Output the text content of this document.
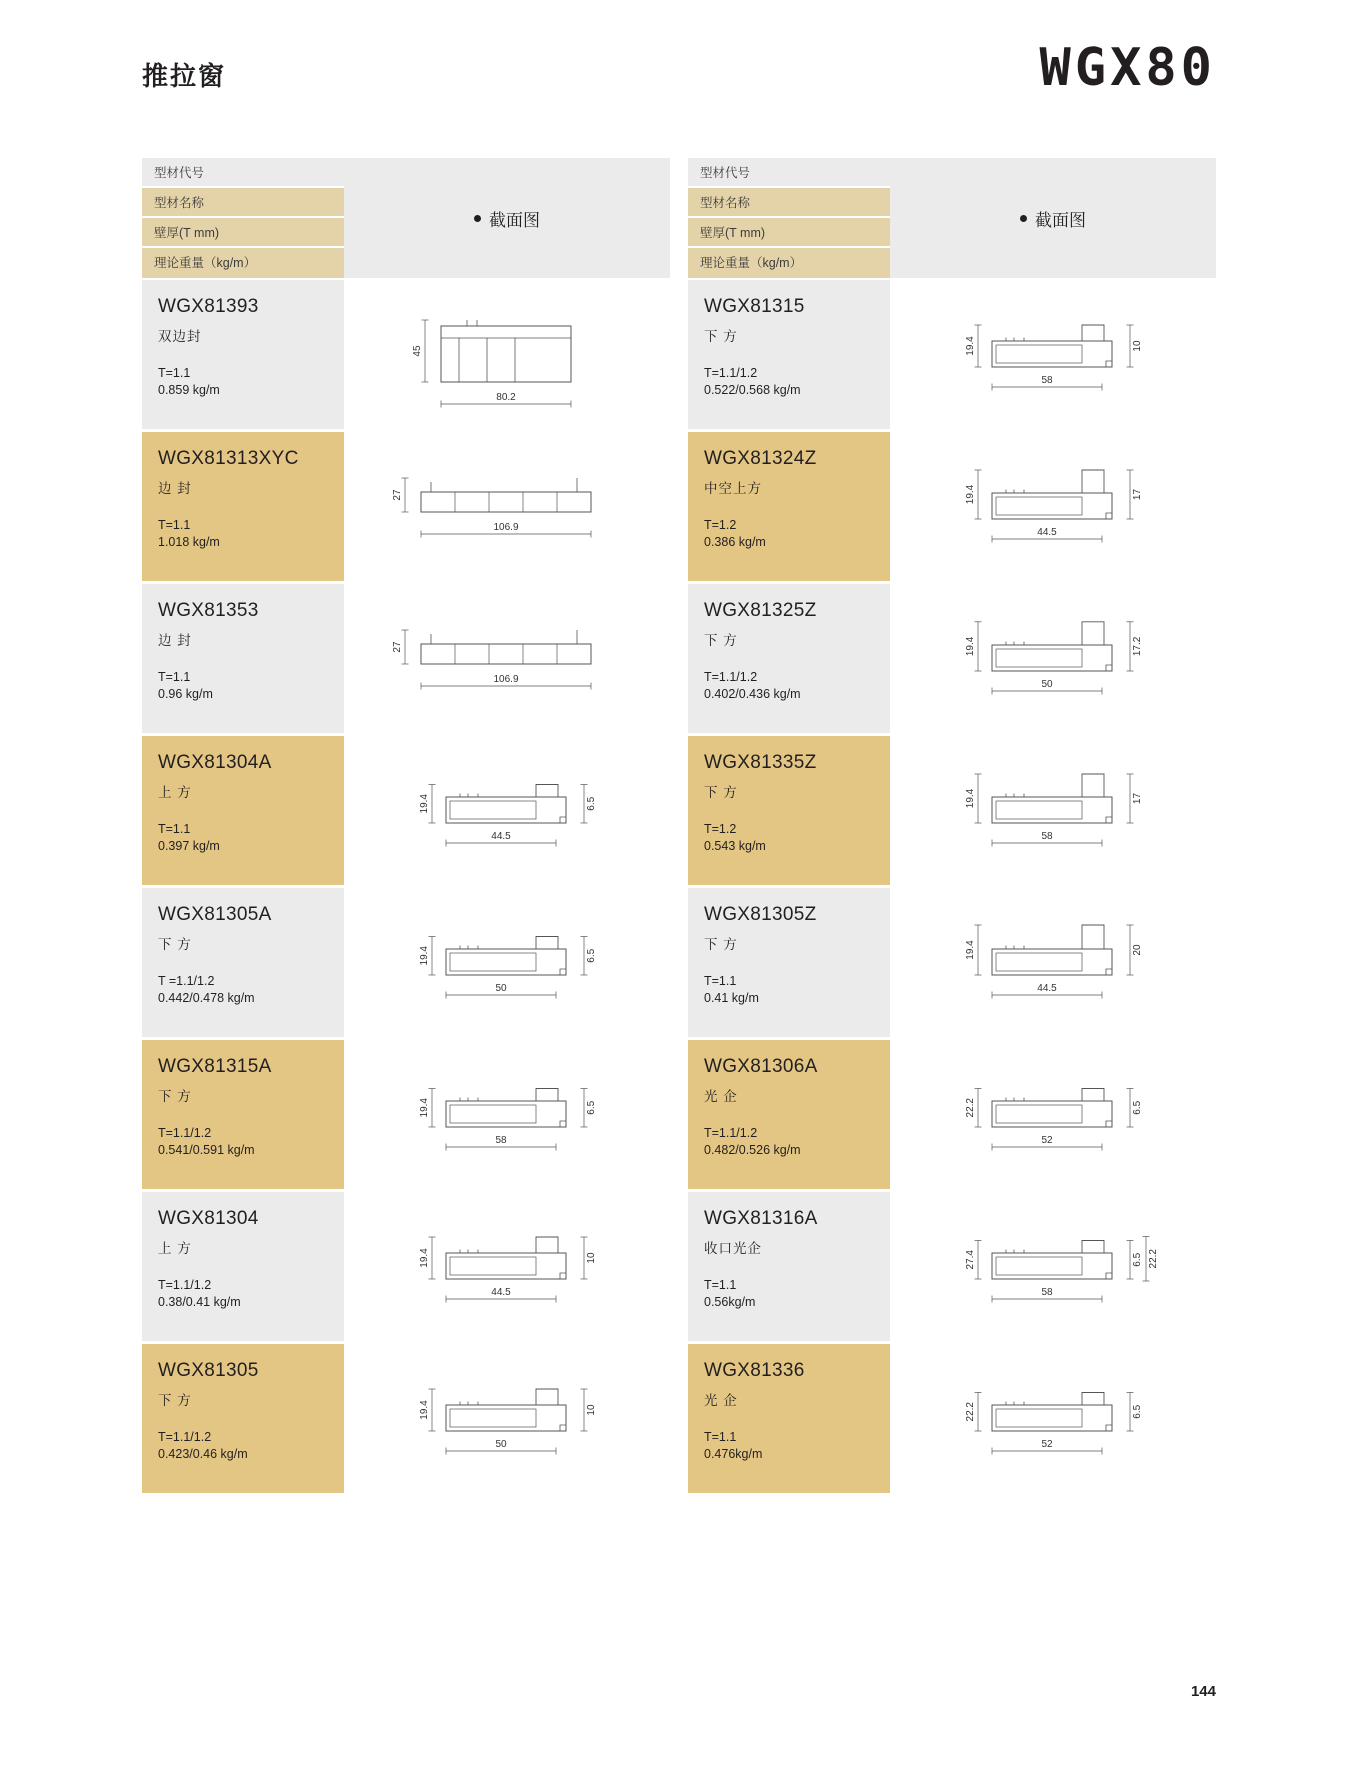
推拉窗	WGX80
型材代号
型材名称
壁厚(T mm)
理论重量（kg/m）
截面图
WGX81393
双边封
T=1.1
0.859 kg/m
45
80.2
WGX81313XYC
边 封
T=1.1
1.018 kg/m
27
106.9
WGX81353
边 封
T=1.1
0.96 kg/m
27
106.9
WGX81304A
上 方
T=1.1
0.397 kg/m
19.4
44.5
6.5
WGX81305A
下 方
T =1.1/1.2
0.442/0.478 kg/m
19.4
50
6.5
WGX81315A
下 方
T=1.1/1.2
0.541/0.591 kg/m
19.4
58
6.5
WGX81304
上 方
T=1.1/1.2
0.38/0.41 kg/m
19.4
44.5
10
WGX81305
下 方
T=1.1/1.2
0.423/0.46 kg/m
19.4
50
10
型材代号
型材名称
壁厚(T mm)
理论重量（kg/m）
截面图
WGX81315
下 方
T=1.1/1.2
0.522/0.568 kg/m
19.4
58
10
WGX81324Z
中空上方
T=1.2
0.386 kg/m
19.4
44.5
17
WGX81325Z
下 方
T=1.1/1.2
0.402/0.436 kg/m
19.4
50
17.2
WGX81335Z
下 方
T=1.2
0.543 kg/m
19.4
58
17
WGX81305Z
下 方
T=1.1
0.41 kg/m
19.4
44.5
20
WGX81306A
光 企
T=1.1/1.2
0.482/0.526 kg/m
22.2
52
6.5
WGX81316A
收口光企
T=1.1
0.56kg/m
27.4
58
6.5 22.2
WGX81336
光 企
T=1.1
0.476kg/m
22.2
52
6.5
144
